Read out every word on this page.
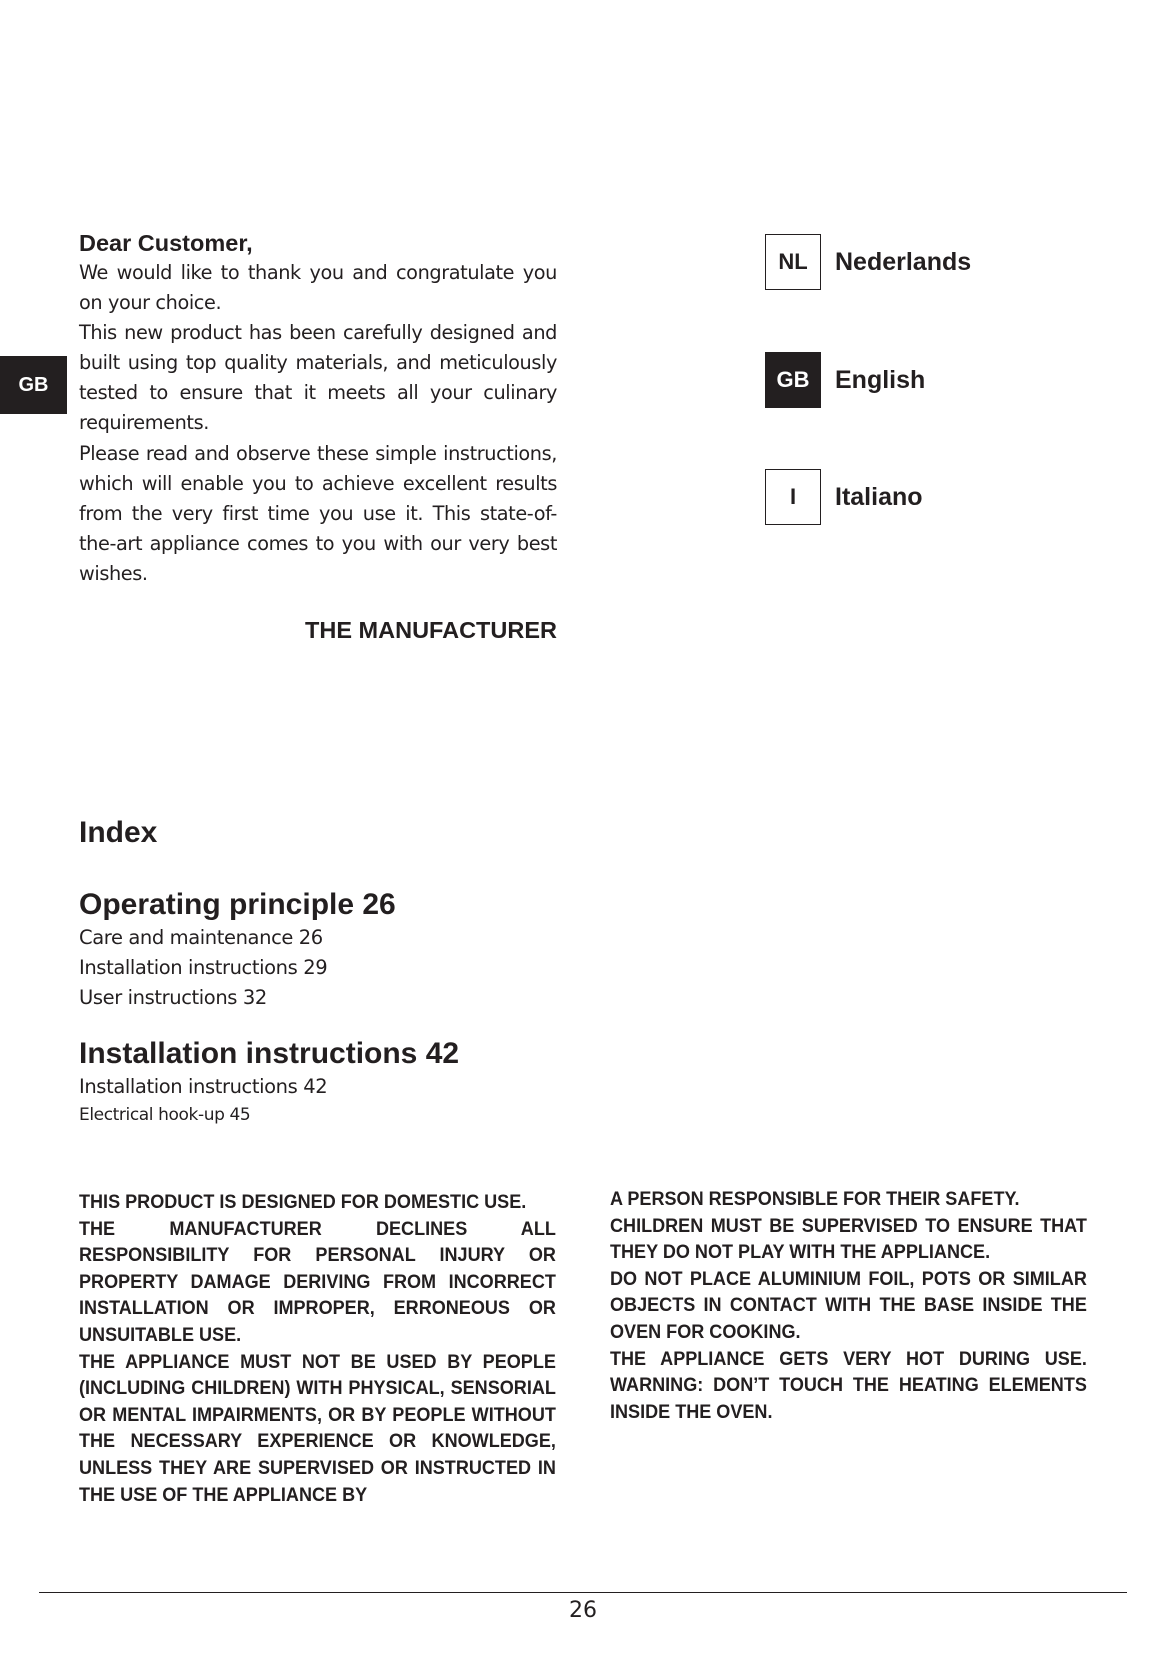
GB

Dear Customer,

We would like to thank you and congratulate you on your choice.

This new product has been carefully designed and built using top quality materials, and meticulously tested to ensure that it meets all your culinary requirements.

Please read and observe these simple instructions, which will enable you to achieve excellent results from the very first time you use it. This state-of-the-art appliance comes to you with our very best wishes.

THE MANUFACTURER

NL	Nederlands
GB	English
I	Italiano

Index

Operating principle 26

Care and maintenance 26

Installation instructions 29

User instructions 32

Installation instructions 42

Installation instructions 42

Electrical hook-up 45

THIS PRODUCT IS DESIGNED FOR DOMESTIC USE.

THE MANUFACTURER DECLINES ALL RESPONSIBILITY FOR PERSONAL INJURY OR PROPERTY DAMAGE DERIVING FROM INCORRECT INSTALLATION OR IMPROPER, ERRONEOUS OR UNSUITABLE USE.

THE APPLIANCE MUST NOT BE USED BY PEOPLE (INCLUDING CHILDREN) WITH PHYSICAL, SENSORIAL OR MENTAL IMPAIRMENTS, OR BY PEOPLE WITHOUT THE NECESSARY EXPERIENCE OR KNOWLEDGE, UNLESS THEY ARE SUPERVISED OR INSTRUCTED IN THE USE OF THE APPLIANCE BY

A PERSON RESPONSIBLE FOR THEIR SAFETY.

CHILDREN MUST BE SUPERVISED TO ENSURE THAT THEY DO NOT PLAY WITH THE APPLIANCE.

DO NOT PLACE ALUMINIUM FOIL, POTS OR SIMILAR OBJECTS IN CONTACT WITH THE BASE INSIDE THE OVEN FOR COOKING.

THE APPLIANCE GETS VERY HOT DURING USE. WARNING: DON’T TOUCH THE HEATING ELEMENTS INSIDE THE OVEN.

26
